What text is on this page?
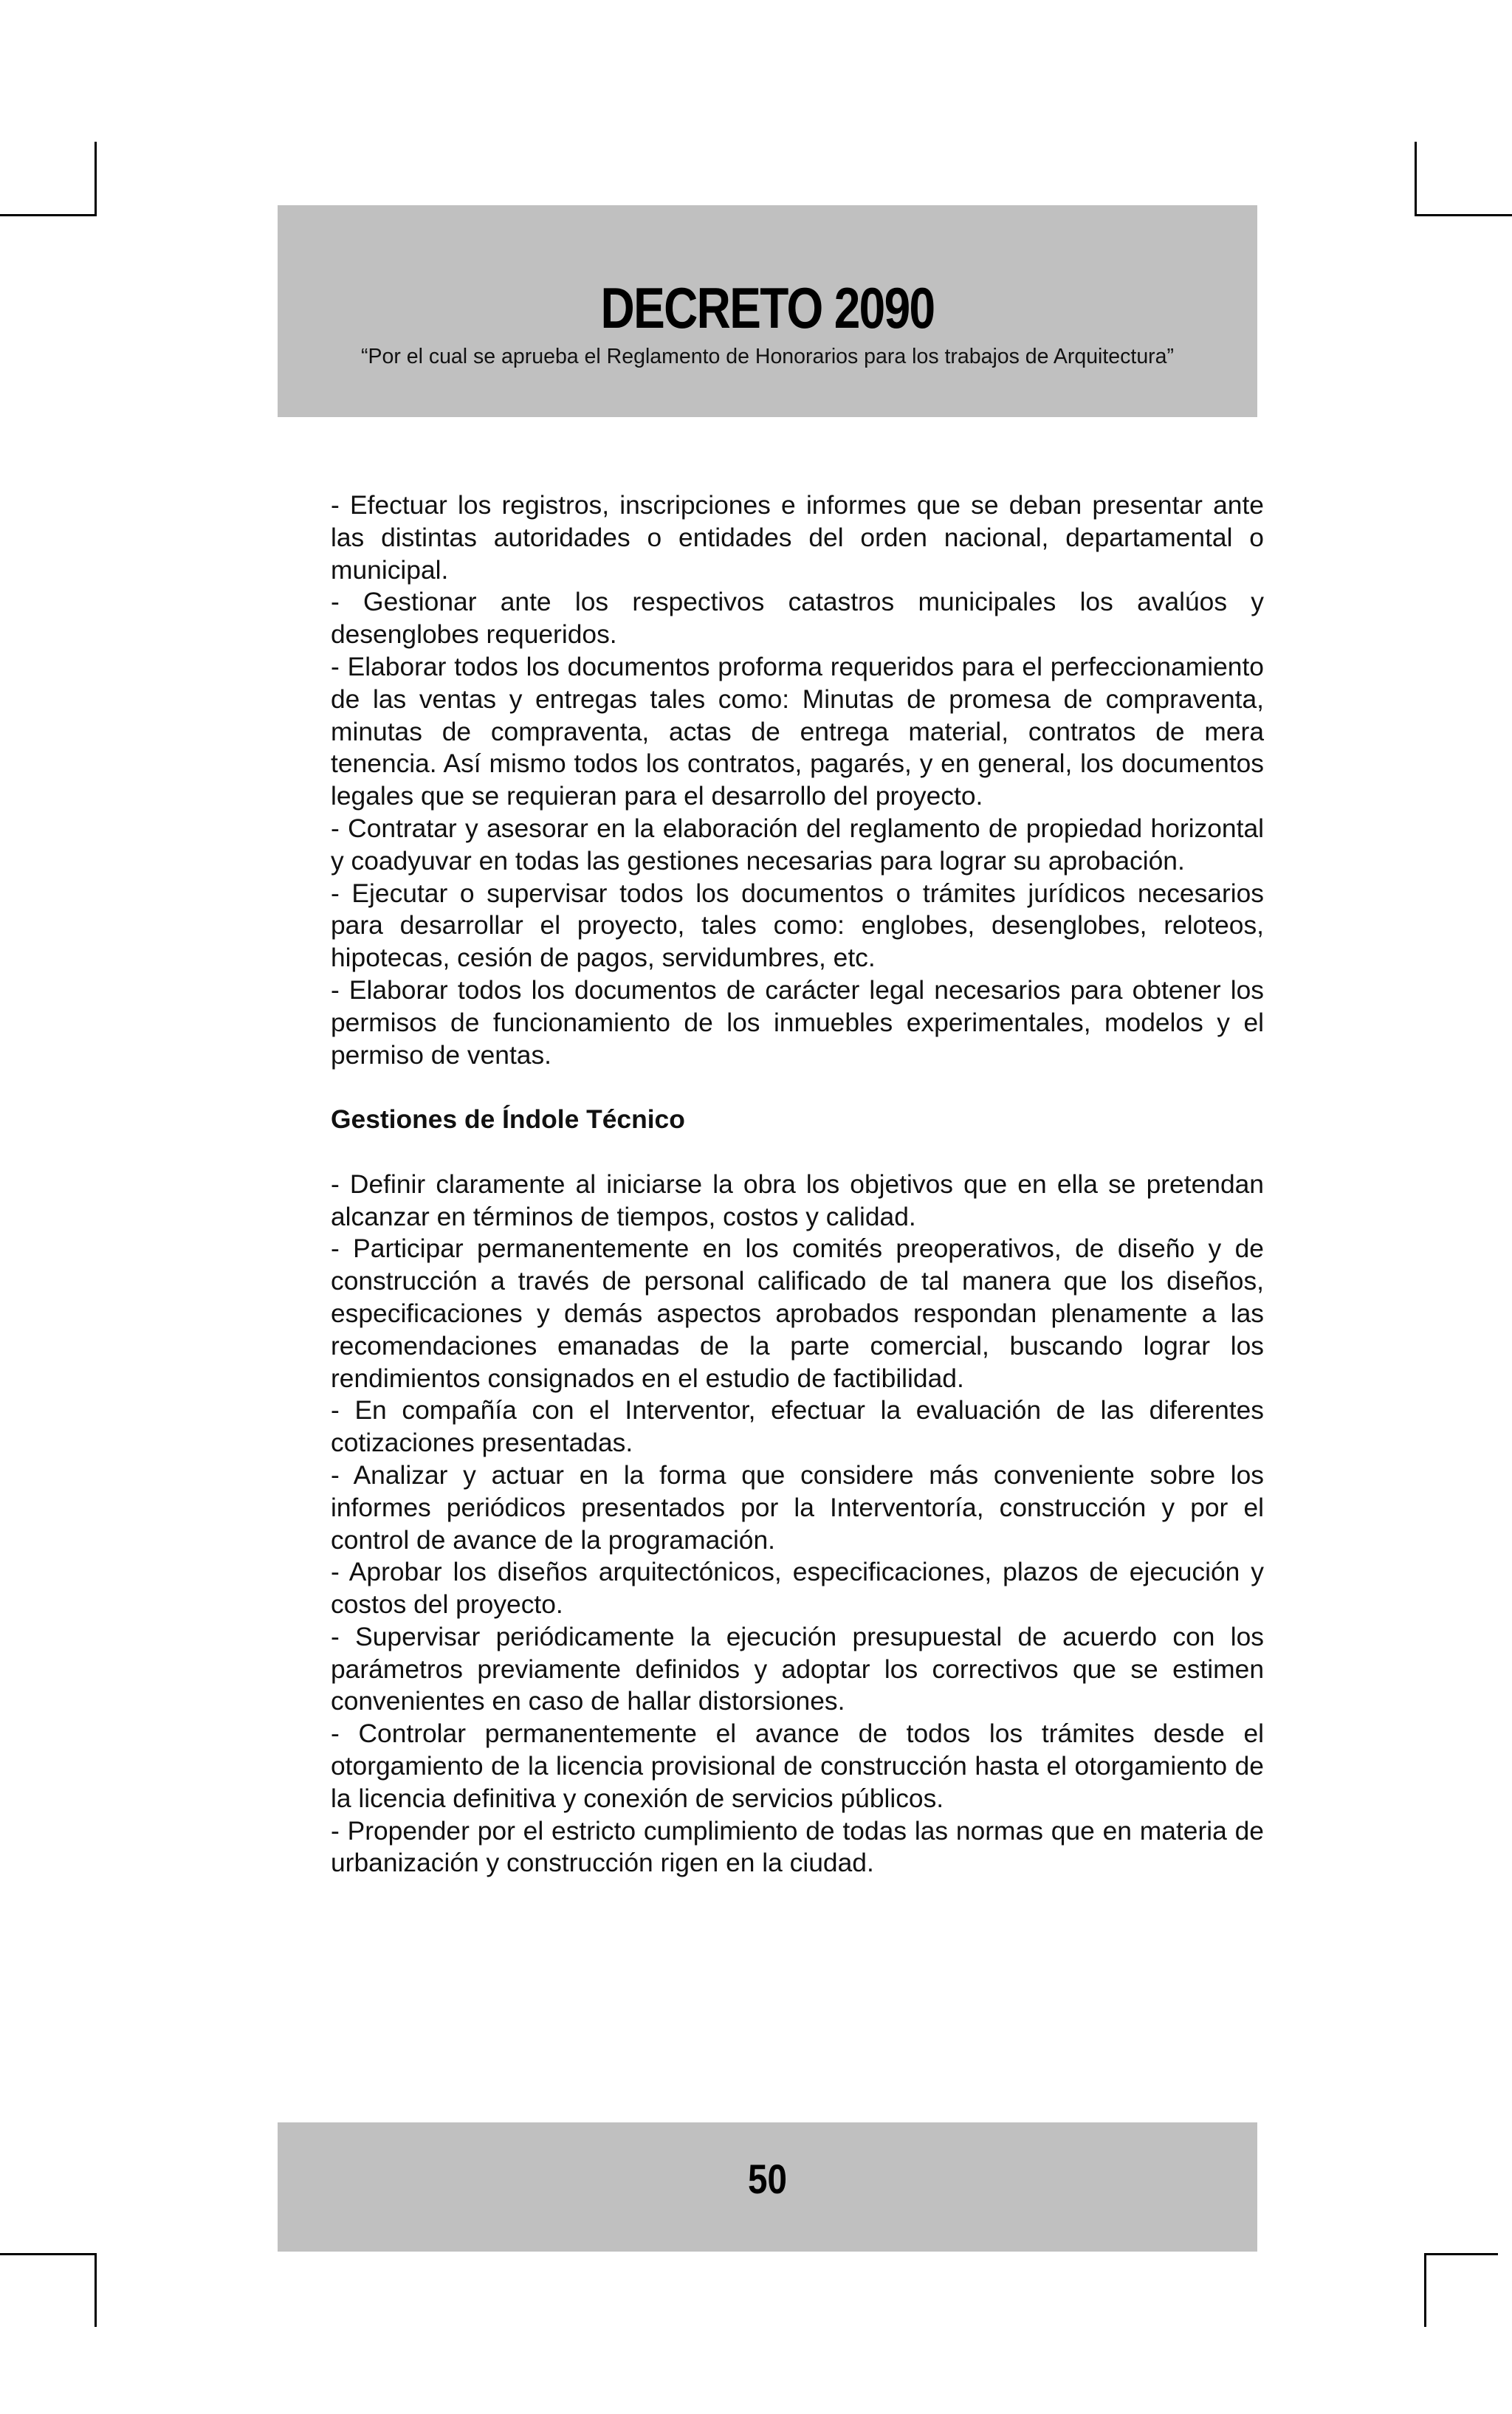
DECRETO 2090
“Por el cual se aprueba el Reglamento de Honorarios para los trabajos de Arquitectura”

- Efectuar los registros, inscripciones e informes que se deban presentar ante las distintas autoridades o entidades del orden nacional, departamental o municipal.

- Gestionar ante los respectivos catastros municipales los avalúos y desenglobes requeridos.

- Elaborar todos los documentos proforma requeridos para el perfeccionamiento de las ventas y entregas tales como: Minutas de promesa de compraventa, minutas de compraventa, actas de entrega material, contratos de mera tenencia. Así mismo todos los contratos, pagarés, y en general, los documentos legales que se requieran para el desarrollo del proyecto.

- Contratar y asesorar en la elaboración del reglamento de propiedad horizontal y coadyuvar en todas las gestiones necesarias para lograr su aprobación.

- Ejecutar o supervisar todos los documentos o trámites jurídicos necesarios para desarrollar el proyecto, tales como: englobes, desenglobes, reloteos, hipotecas, cesión de pagos, servidumbres, etc.

- Elaborar todos los documentos de carácter legal necesarios para obtener los permisos de funcionamiento de los inmuebles experimentales, modelos y el permiso de ventas.

Gestiones de Índole Técnico

- Definir claramente al iniciarse la obra los objetivos que en ella se pretendan alcanzar en términos de tiempos, costos y calidad.

- Participar permanentemente en los comités preoperativos, de diseño y de construcción a través de personal calificado de tal manera que los diseños, especificaciones y demás aspectos aprobados respondan plenamente a las recomendaciones emanadas de la parte comercial, buscando lograr los rendimientos consignados en el estudio de factibilidad.

- En compañía con el Interventor, efectuar la evaluación de las diferentes cotizaciones presentadas.

- Analizar y actuar en la forma que considere más conveniente sobre los informes periódicos presentados por la Interventoría, construcción y por el control de avance de la programación.

- Aprobar los diseños arquitectónicos, especificaciones, plazos de ejecución y costos del proyecto.

- Supervisar periódicamente la ejecución presupuestal de acuerdo con los parámetros previamente definidos y adoptar los correctivos que se estimen convenientes en caso de hallar distorsiones.

- Controlar permanentemente el avance de todos los trámites desde el otorgamiento de la licencia provisional de construcción hasta el otorgamiento de la licencia definitiva y conexión de servicios públicos.

- Propender por el estricto cumplimiento de todas las normas que en materia de urbanización y construcción rigen en la ciudad.

50
